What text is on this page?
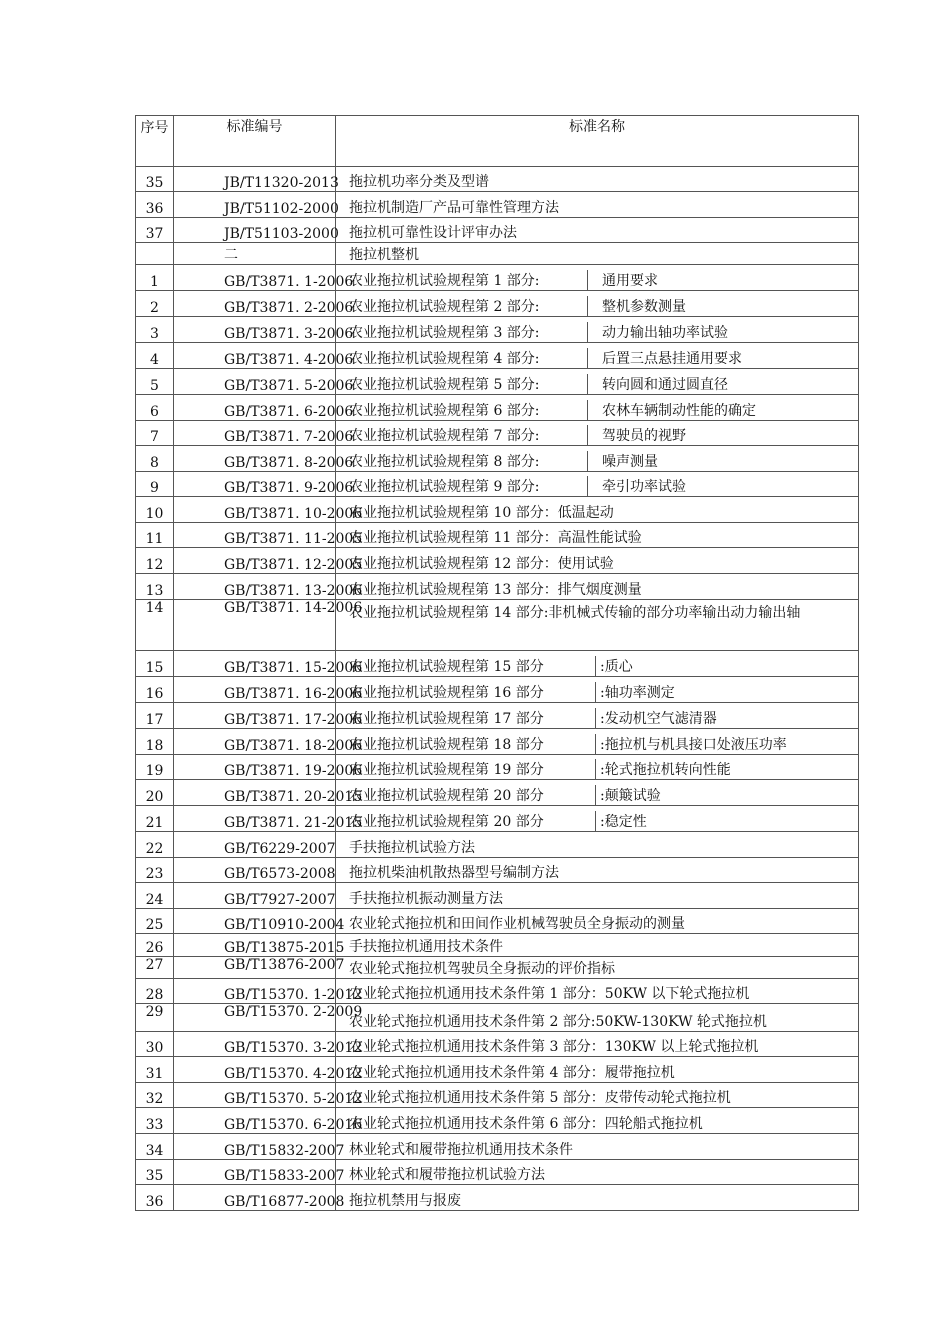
序号	标准编号	标准名称
35	JB/T11320-2013	拖拉机功率分类及型谱
36	JB/T51102-2000	拖拉机制造厂产品可靠性管理方法
37	JB/T51103-2000	拖拉机可靠性设计评审办法
	二	拖拉机整机
1	GB/T3871. 1-2006	农业拖拉机试验规程第 1 部分: 通用要求

2	GB/T3871. 2-2006	农业拖拉机试验规程第 2 部分: 整机参数测量

3	GB/T3871. 3-2006	农业拖拉机试验规程第 3 部分: 动力输出轴功率试验

4	GB/T3871. 4-2006	农业拖拉机试验规程第 4 部分: 后置三点悬挂通用要求

5	GB/T3871. 5-2006	农业拖拉机试验规程第 5 部分: 转向圆和通过圆直径

6	GB/T3871. 6-2006	农业拖拉机试验规程第 6 部分: 农林车辆制动性能的确定

7	GB/T3871. 7-2006	农业拖拉机试验规程第 7 部分: 驾驶员的视野

8	GB/T3871. 8-2006	农业拖拉机试验规程第 8 部分: 噪声测量

9	GB/T3871. 9-2006	农业拖拉机试验规程第 9 部分: 牵引功率试验

10	GB/T3871. 10-2006	农业拖拉机试验规程第 10 部分：低温起动
11	GB/T3871. 11-2005	农业拖拉机试验规程第 11 部分：高温性能试验
12	GB/T3871. 12-2005	农业拖拉机试验规程第 12 部分：使用试验
13	GB/T3871. 13-2006	农业拖拉机试验规程第 13 部分：排气烟度测量
14	GB/T3871. 14-2006	农业拖拉机试验规程第 14 部分:非机械式传输的部分功率输出动力输出轴
15	GB/T3871. 15-2006	农业拖拉机试验规程第 15 部分 :质心

16	GB/T3871. 16-2006	农业拖拉机试验规程第 16 部分 :轴功率测定

17	GB/T3871. 17-2006	农业拖拉机试验规程第 17 部分 :发动机空气滤清器

18	GB/T3871. 18-2006	农业拖拉机试验规程第 18 部分 :拖拉机与机具接口处液压功率

19	GB/T3871. 19-2006	农业拖拉机试验规程第 19 部分 :轮式拖拉机转向性能

20	GB/T3871. 20-2015	农业拖拉机试验规程第 20 部分 :颠簸试验

21	GB/T3871. 21-2015	农业拖拉机试验规程第 20 部分 :稳定性

22	GB/T6229-2007	手扶拖拉机试验方法
23	GB/T6573-2008	拖拉机柴油机散热器型号编制方法
24	GB/T7927-2007	手扶拖拉机振动测量方法
25	GB/T10910-2004	农业轮式拖拉机和田间作业机械驾驶员全身振动的测量
26	GB/T13875-2015	手扶拖拉机通用技术条件
27	GB/T13876-2007	农业轮式拖拉机驾驶员全身振动的评价指标
28	GB/T15370. 1-2012	农业轮式拖拉机通用技术条件第 1 部分：50KW 以下轮式拖拉机
29	GB/T15370. 2-2009	农业轮式拖拉机通用技术条件第 2 部分:50KW-130KW 轮式拖拉机
30	GB/T15370. 3-2012	农业轮式拖拉机通用技术条件第 3 部分：130KW 以上轮式拖拉机
31	GB/T15370. 4-2012	农业轮式拖拉机通用技术条件第 4 部分：履带拖拉机
32	GB/T15370. 5-2012	农业轮式拖拉机通用技术条件第 5 部分：皮带传动轮式拖拉机
33	GB/T15370. 6-2016	农业轮式拖拉机通用技术条件第 6 部分：四轮船式拖拉机
34	GB/T15832-2007	林业轮式和履带拖拉机通用技术条件
35	GB/T15833-2007	林业轮式和履带拖拉机试验方法
36	GB/T16877-2008	拖拉机禁用与报废
